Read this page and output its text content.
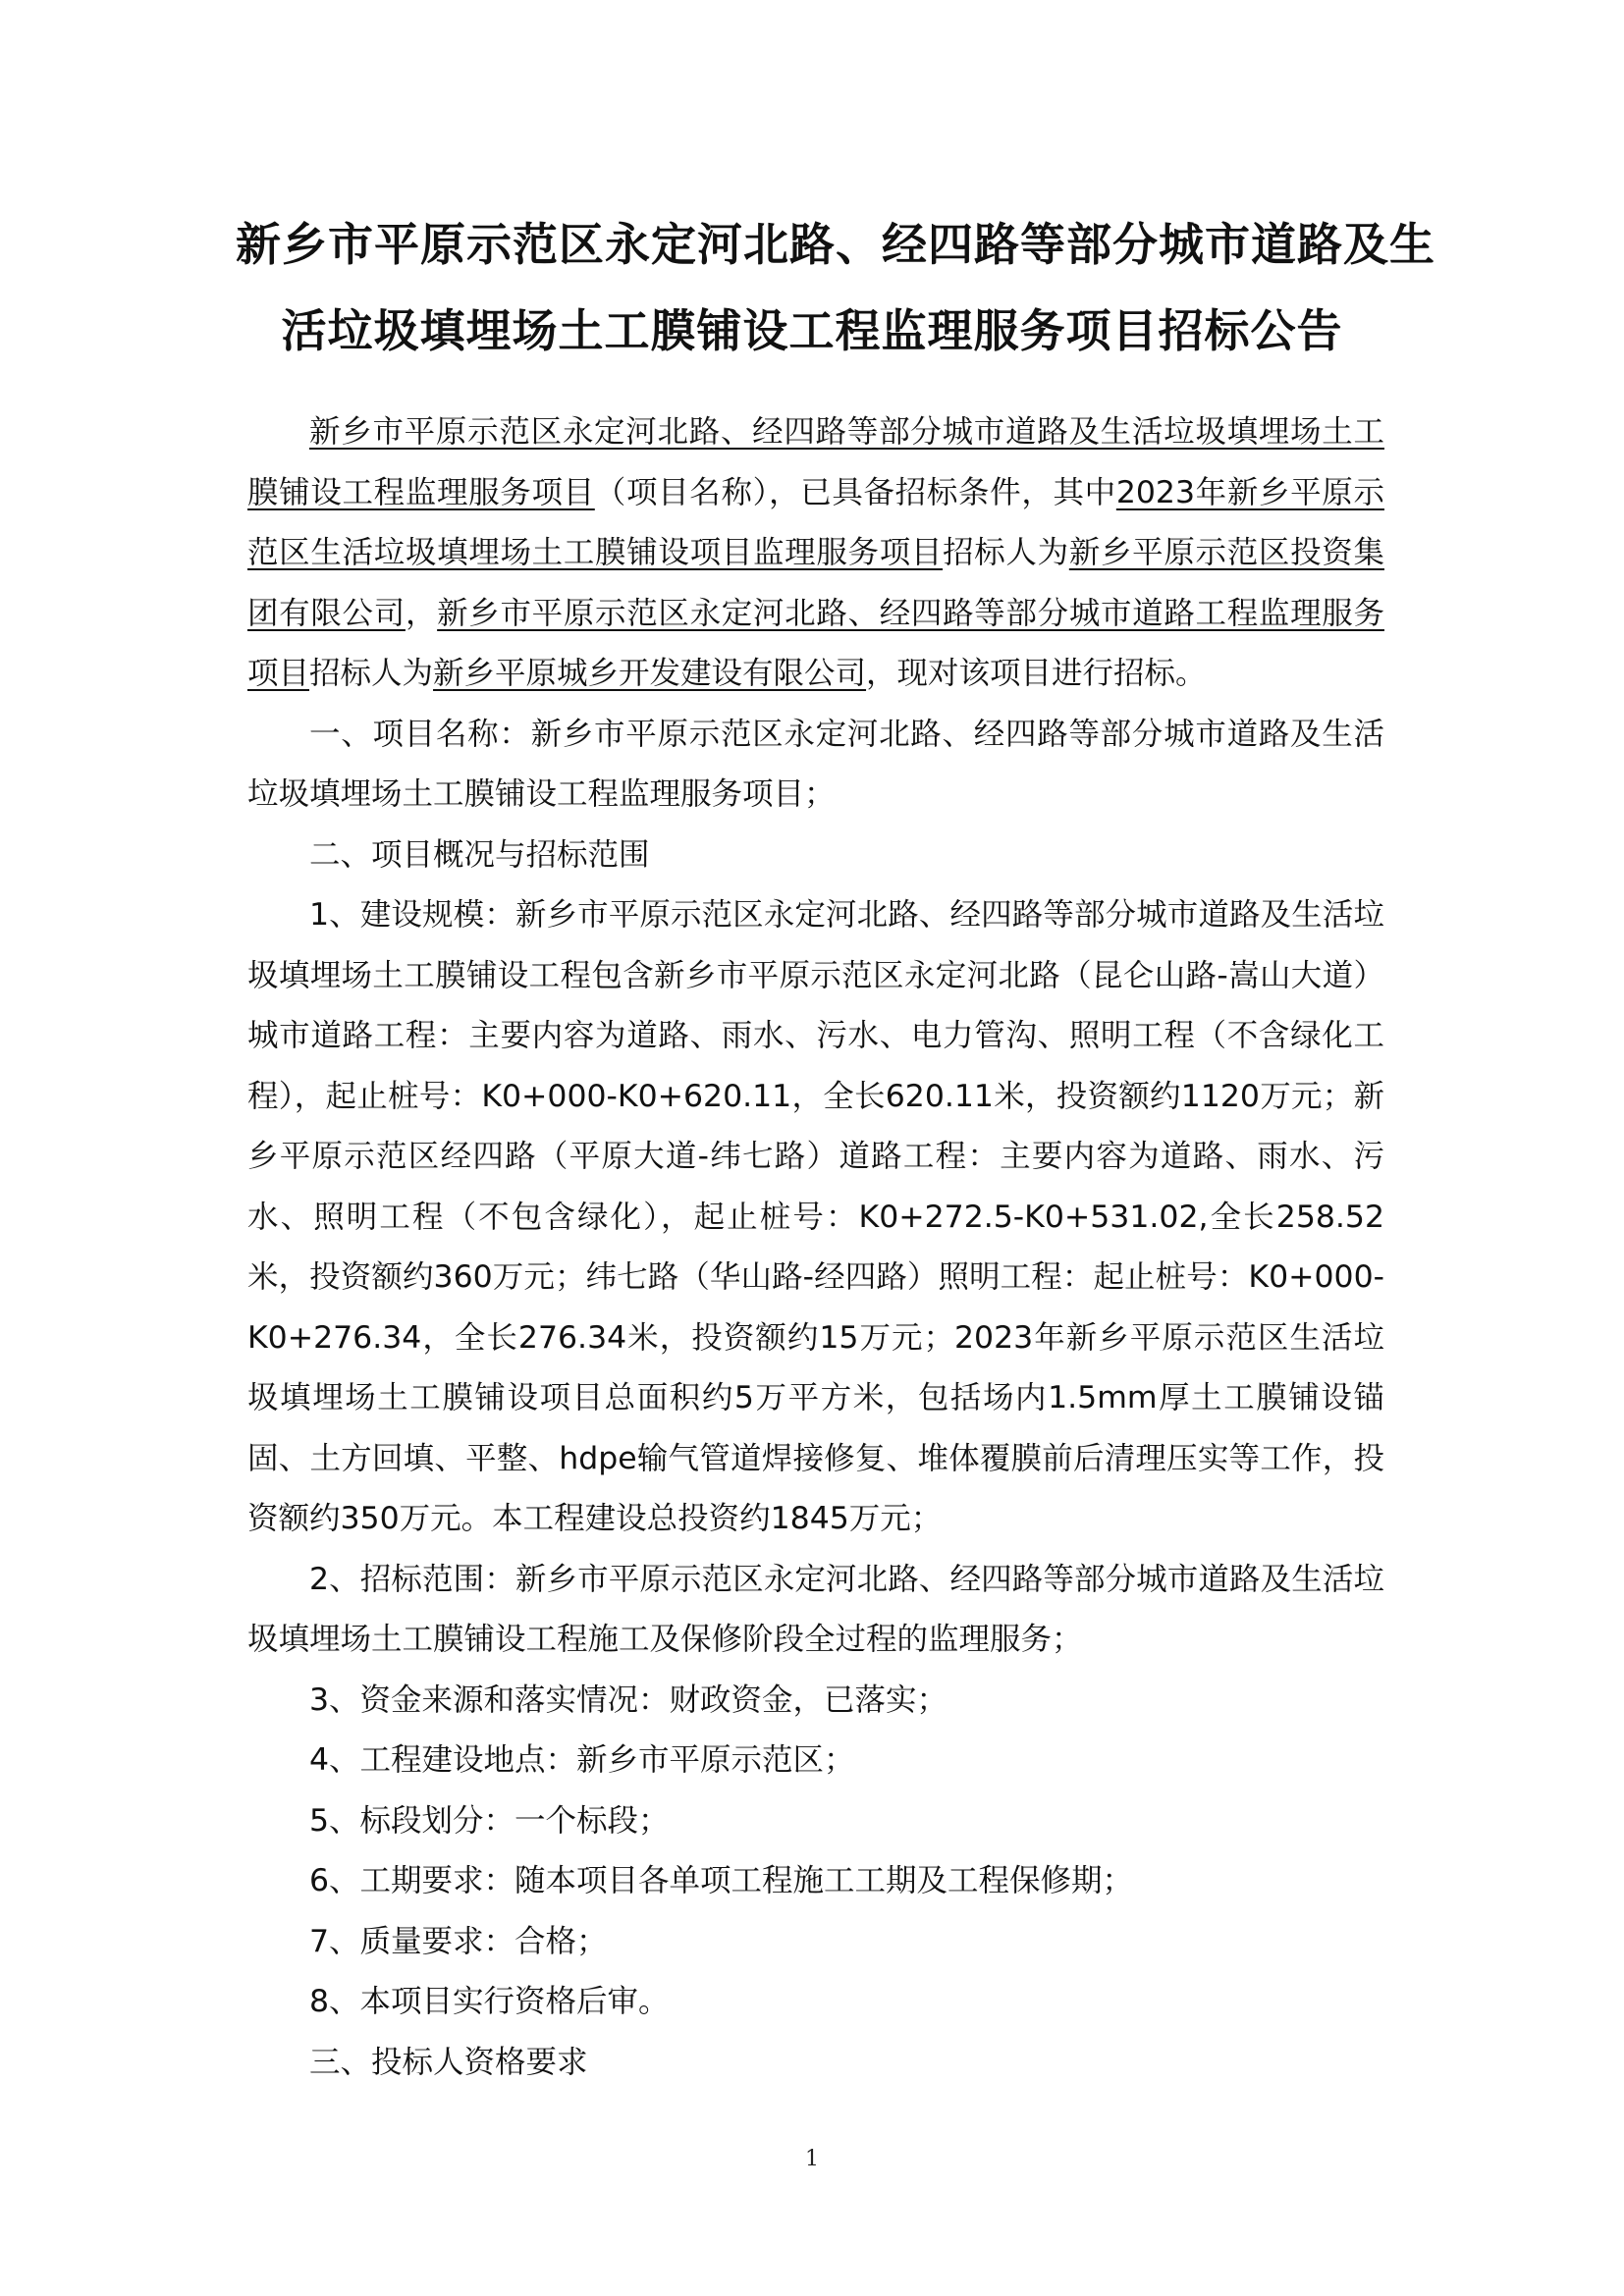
新乡市平原示范区永定河北路、经四路等部分城市道路及生
活垃圾填埋场土工膜铺设工程监理服务项目招标公告

新乡市平原示范区永定河北路、经四路等部分城市道路及生活垃圾填埋场土工膜铺设工程监理服务项目（项目名称），已具备招标条件，其中2023年新乡平原示范区生活垃圾填埋场土工膜铺设项目监理服务项目招标人为新乡平原示范区投资集团有限公司，新乡市平原示范区永定河北路、经四路等部分城市道路工程监理服务项目招标人为新乡平原城乡开发建设有限公司，现对该项目进行招标。

一、项目名称：新乡市平原示范区永定河北路、经四路等部分城市道路及生活垃圾填埋场土工膜铺设工程监理服务项目；

二、项目概况与招标范围

1、建设规模：新乡市平原示范区永定河北路、经四路等部分城市道路及生活垃圾填埋场土工膜铺设工程包含新乡市平原示范区永定河北路（昆仑山路-嵩山大道）城市道路工程：主要内容为道路、雨水、污水、电力管沟、照明工程（不含绿化工程），起止桩号：K0+000-K0+620.11，全长620.11米，投资额约1120万元；新乡平原示范区经四路（平原大道-纬七路）道路工程：主要内容为道路、雨水、污水、照明工程（不包含绿化），起止桩号：K0+272.5-K0+531.02,全长258.52米，投资额约360万元；纬七路（华山路-经四路）照明工程：起止桩号：K0+000-K0+276.34，全长276.34米，投资额约15万元；2023年新乡平原示范区生活垃圾填埋场土工膜铺设项目总面积约5万平方米，包括场内1.5mm厚土工膜铺设锚固、土方回填、平整、hdpe输气管道焊接修复、堆体覆膜前后清理压实等工作，投资额约350万元。本工程建设总投资约1845万元；

2、招标范围：新乡市平原示范区永定河北路、经四路等部分城市道路及生活垃圾填埋场土工膜铺设工程施工及保修阶段全过程的监理服务；

3、资金来源和落实情况：财政资金，已落实；

4、工程建设地点：新乡市平原示范区；

5、标段划分：一个标段；

6、工期要求：随本项目各单项工程施工工期及工程保修期；

7、质量要求：合格；

8、本项目实行资格后审。

三、投标人资格要求

1
